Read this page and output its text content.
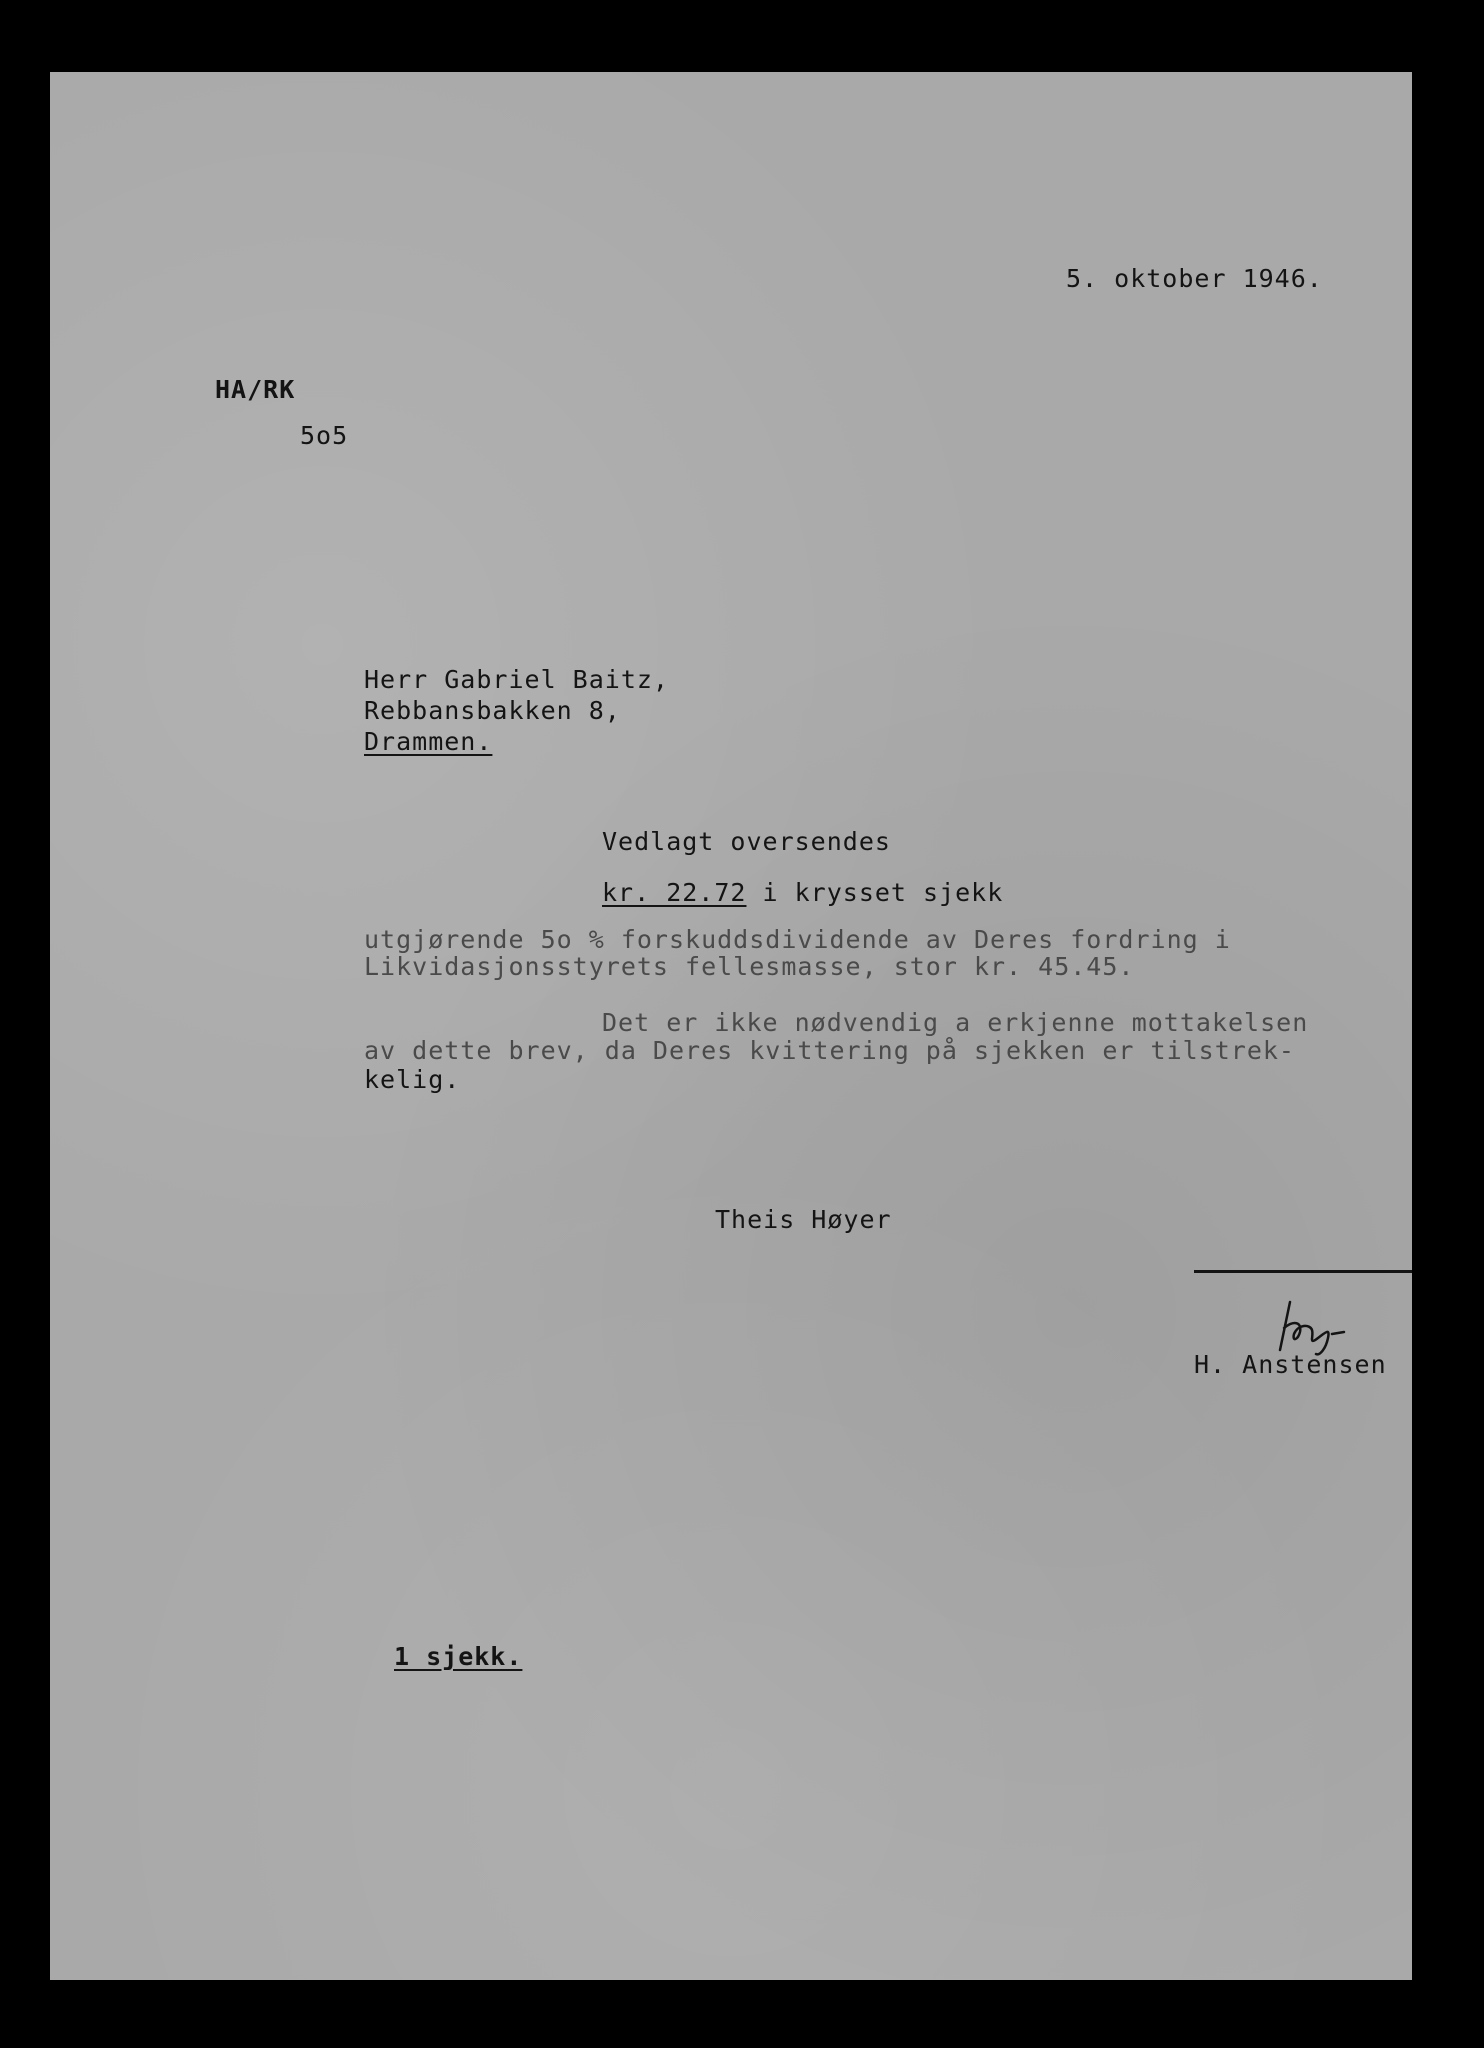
5. oktober 1946.
HA/RK
5o5
Herr Gabriel Baitz,
Rebbansbakken 8,
Drammen.
Vedlagt oversendes
kr. 22.72 i krysset sjekk
utgjørende 5o % forskuddsdividende av Deres fordring i
Likvidasjonsstyrets fellesmasse, stor kr. 45.45.
Det er ikke nødvendig a erkjenne mottakelsen
av dette brev, da Deres kvittering på sjekken er tilstrek-
kelig.
Theis Høyer
H. Anstensen
1 sjekk.
